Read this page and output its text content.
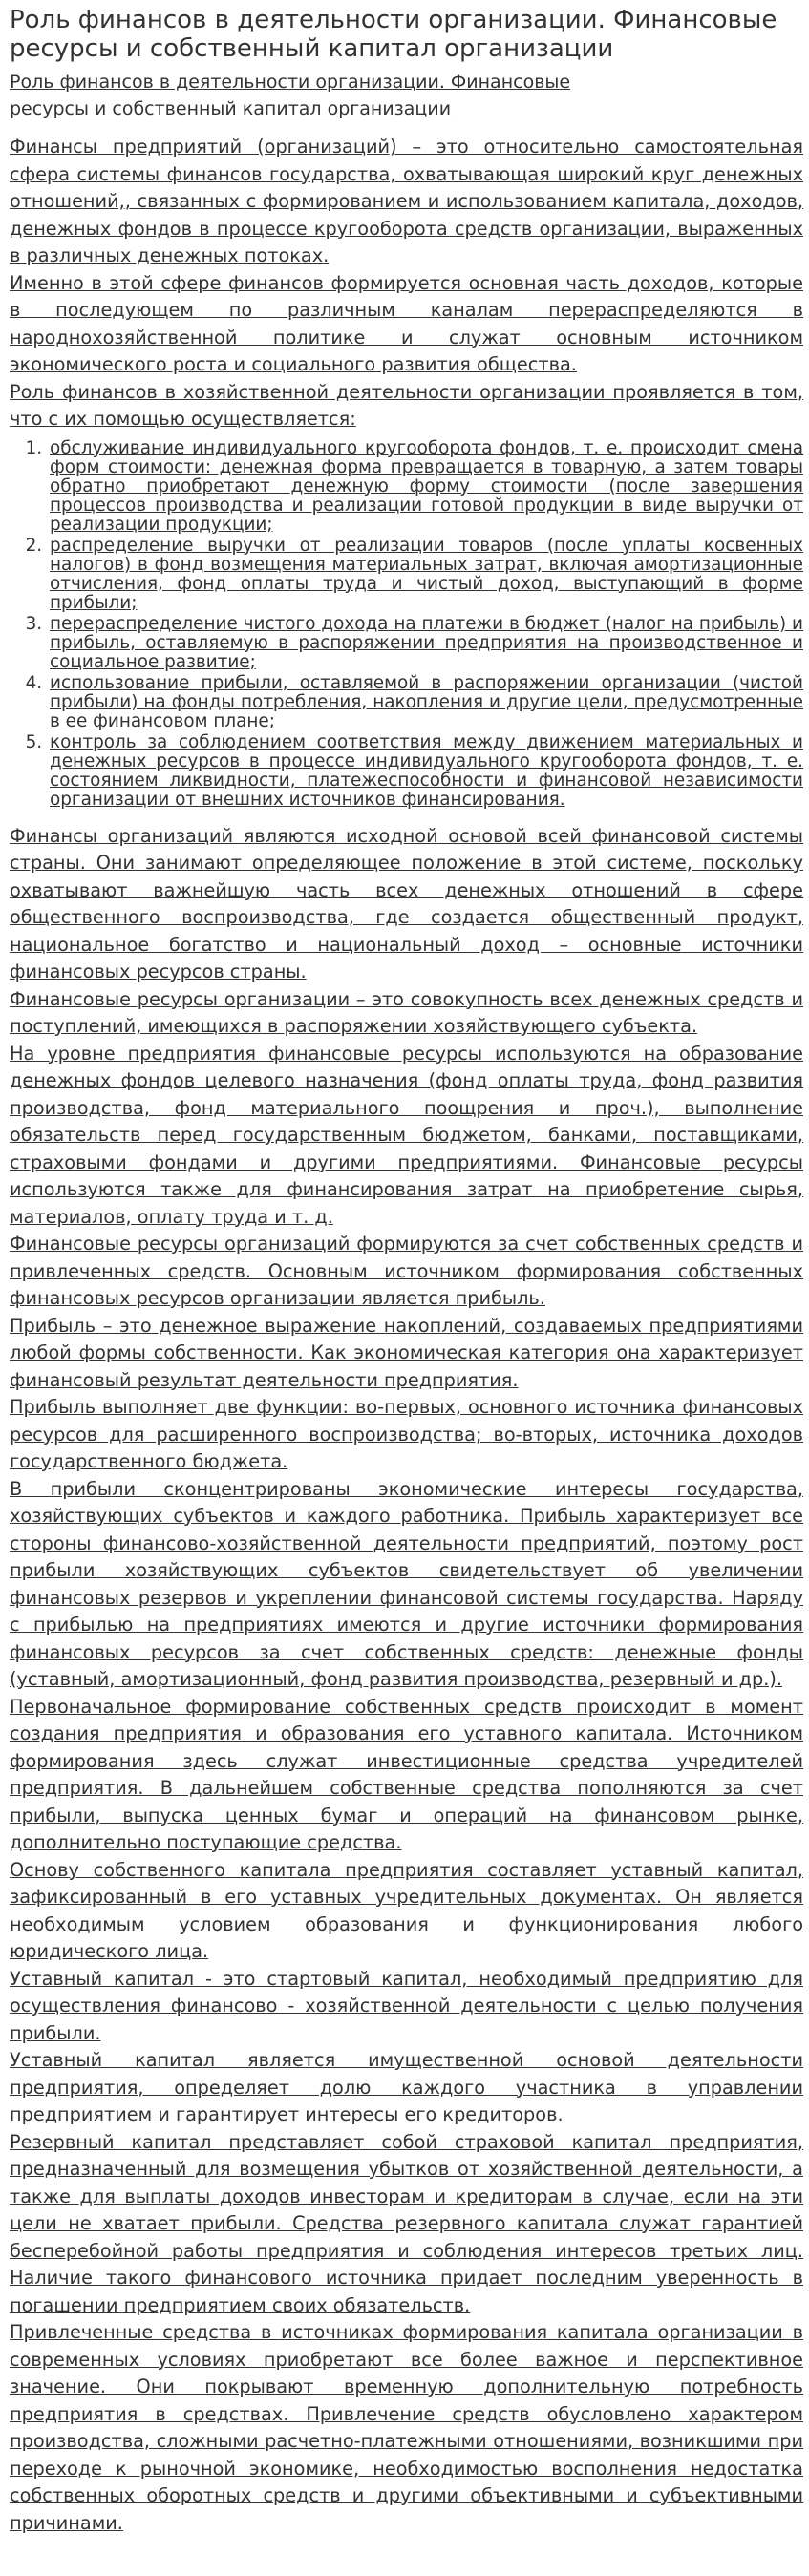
Роль финансов в деятельности организации. Финансовые ресурсы и собственный капитал организации
Роль финансов в деятельности организации. Финансовые
ресурсы и собственный капитал организации

Финансы предприятий (организаций) – это относительно самостоятельная сфера системы финансов государства, охватывающая широкий круг денежных отношений,, связанных с формированием и использованием капитала, доходов, денежных фондов в процессе кругооборота средств организации, выраженных в различных денежных потоках.

Именно в этой сфере финансов формируется основная часть доходов, которые в последующем по различным каналам перераспределяются в народнохозяйственной политике и служат основным источником экономического роста и социального развития общества.

Роль финансов в хозяйственной деятельности организации проявляется в том, что с их помощью осуществляется:

1. обслуживание индивидуального кругооборота фондов, т. е. происходит смена форм стоимости: денежная форма превращается в товарную, а затем товары обратно приобретают денежную форму стоимости (после завершения процессов производства и реализации готовой продукции в виде выручки от реализации продукции;
2. распределение выручки от реализации товаров (после уплаты косвенных налогов) в фонд возмещения материальных затрат, включая амортизационные отчисления, фонд оплаты труда и чистый доход, выступающий в форме прибыли;
3. перераспределение чистого дохода на платежи в бюджет (налог на прибыль) и прибыль, оставляемую в распоряжении предприятия на производственное и социальное развитие;
4. использование прибыли, оставляемой в распоряжении организации (чистой прибыли) на фонды потребления, накопления и другие цели, предусмотренные в ее финансовом плане;
5. контроль за соблюдением соответствия между движением материальных и денежных ресурсов в процессе индивидуального кругооборота фондов, т. е. состоянием ликвидности, платежеспособности и финансовой независимости организации от внешних источников финансирования.

Финансы организаций являются исходной основой всей финансовой системы страны. Они занимают определяющее положение в этой системе, поскольку охватывают важнейшую часть всех денежных отношений в сфере общественного воспроизводства, где создается общественный продукт, национальное богатство и национальный доход – основные источники финансовых ресурсов страны.

Финансовые ресурсы организации – это совокупность всех денежных средств и поступлений, имеющихся в распоряжении хозяйствующего субъекта.

На уровне предприятия финансовые ресурсы используются на образование денежных фондов целевого назначения (фонд оплаты труда, фонд развития производства, фонд материального поощрения и проч.), выполнение обязательств перед государственным бюджетом, банками, поставщиками, страховыми фондами и другими предприятиями. Финансовые ресурсы используются также для финансирования затрат на приобретение сырья, материалов, оплату труда и т. д.

Финансовые ресурсы организаций формируются за счет собственных средств и привлеченных средств. Основным источником формирования собственных финансовых ресурсов организации является прибыль.

Прибыль – это денежное выражение накоплений, создаваемых предприятиями любой формы собственности. Как экономическая категория она характеризует финансовый результат деятельности предприятия.

Прибыль выполняет две функции: во-первых, основного источника финансовых ресурсов для расширенного воспроизводства; во-вторых, источника доходов государственного бюджета.

В прибыли сконцентрированы экономические интересы государства, хозяйствующих субъектов и каждого работника. Прибыль характеризует все стороны финансово-хозяйственной деятельности предприятий, поэтому рост прибыли хозяйствующих субъектов свидетельствует об увеличении финансовых резервов и укреплении финансовой системы государства. Наряду с прибылью на предприятиях имеются и другие источники формирования финансовых ресурсов за счет собственных средств: денежные фонды (уставный, амортизационный, фонд развития производства, резервный и др.).

Первоначальное формирование собственных средств происходит в момент создания предприятия и образования его уставного капитала. Источником формирования здесь служат инвестиционные средства учредителей предприятия. В дальнейшем собственные средства пополняются за счет прибыли, выпуска ценных бумаг и операций на финансовом рынке, дополнительно поступающие средства.

Основу собственного капитала предприятия составляет уставный капитал, зафиксированный в его уставных учредительных документах. Он является необходимым условием образования и функционирования любого юридического лица.

Уставный капитал - это стартовый капитал, необходимый предприятию для осуществления финансово - хозяйственной деятельности с целью получения прибыли.

Уставный капитал является имущественной основой деятельности предприятия, определяет долю каждого участника в управлении предприятием и гарантирует интересы его кредиторов.

Резервный капитал представляет собой страховой капитал предприятия, предназначенный для возмещения убытков от хозяйственной деятельности, а также для выплаты доходов инвесторам и кредиторам в случае, если на эти цели не хватает прибыли. Средства резервного капитала служат гарантией бесперебойной работы предприятия и соблюдения интересов третьих лиц. Наличие такого финансового источника придает последним уверенность в погашении предприятием своих обязательств.

Привлеченные средства в источниках формирования капитала организации в современных условиях приобретают все более важное и перспективное значение. Они покрывают временную дополнительную потребность предприятия в средствах. Привлечение средств обусловлено характером производства, сложными расчетно-платежными отношениями, возникшими при переходе к рыночной экономике, необходимостью восполнения недостатка собственных оборотных средств и другими объективными и субъективными причинами.
